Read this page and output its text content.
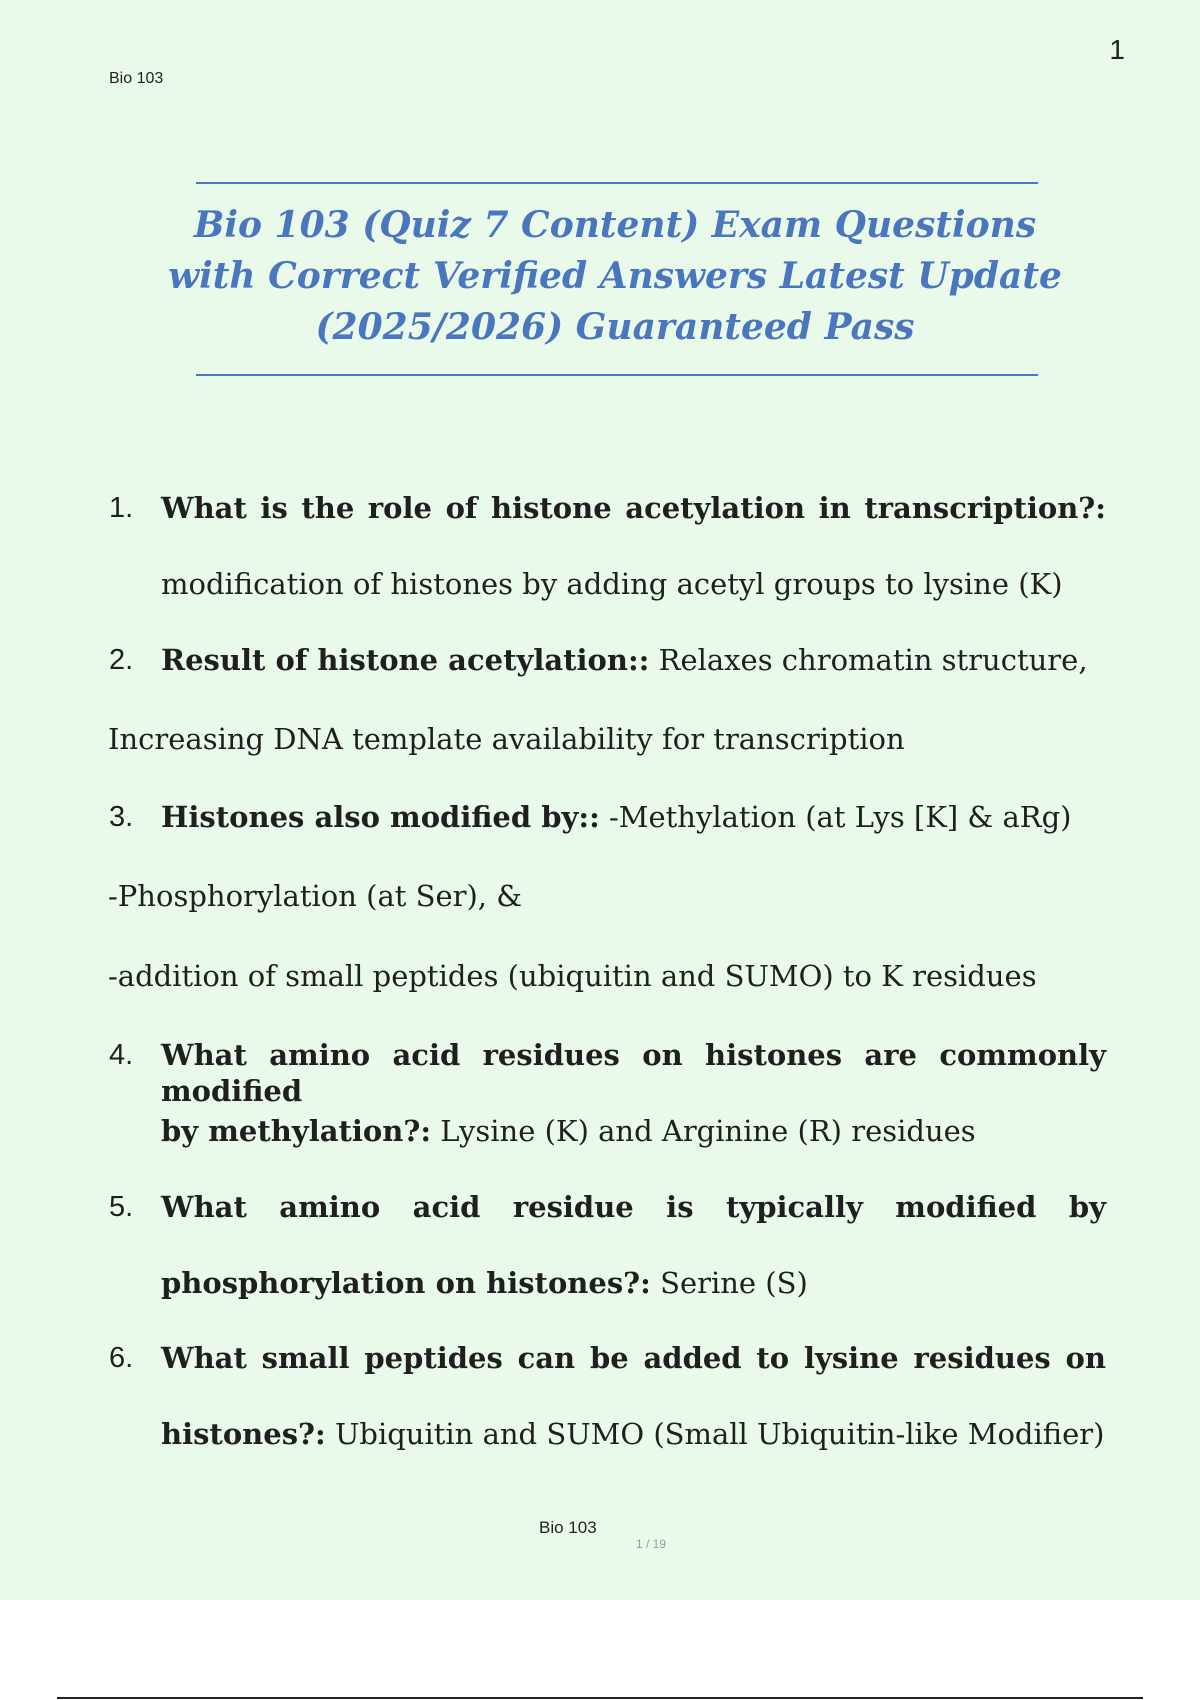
Bio 103
1
Bio 103 (Quiz 7 Content) Exam Questions with Correct Verified Answers Latest Update (2025/2026) Guaranteed Pass
1. What is the role of histone acetylation in transcription?:
modification of histones by adding acetyl groups to lysine (K)
2. Result of histone acetylation:: Relaxes chromatin structure,
Increasing DNA template availability for transcription
3. Histones also modified by:: -Methylation (at Lys [K] & aRg)
-Phosphorylation (at Ser), &
-addition of small peptides (ubiquitin and SUMO) to K residues
4. What amino acid residues on histones are commonly modified
by methylation?: Lysine (K) and Arginine (R) residues
5. What amino acid residue is typically modified by
phosphorylation on histones?: Serine (S)
6. What small peptides can be added to lysine residues on
histones?: Ubiquitin and SUMO (Small Ubiquitin-like Modifier)
Bio 103
1 / 19
